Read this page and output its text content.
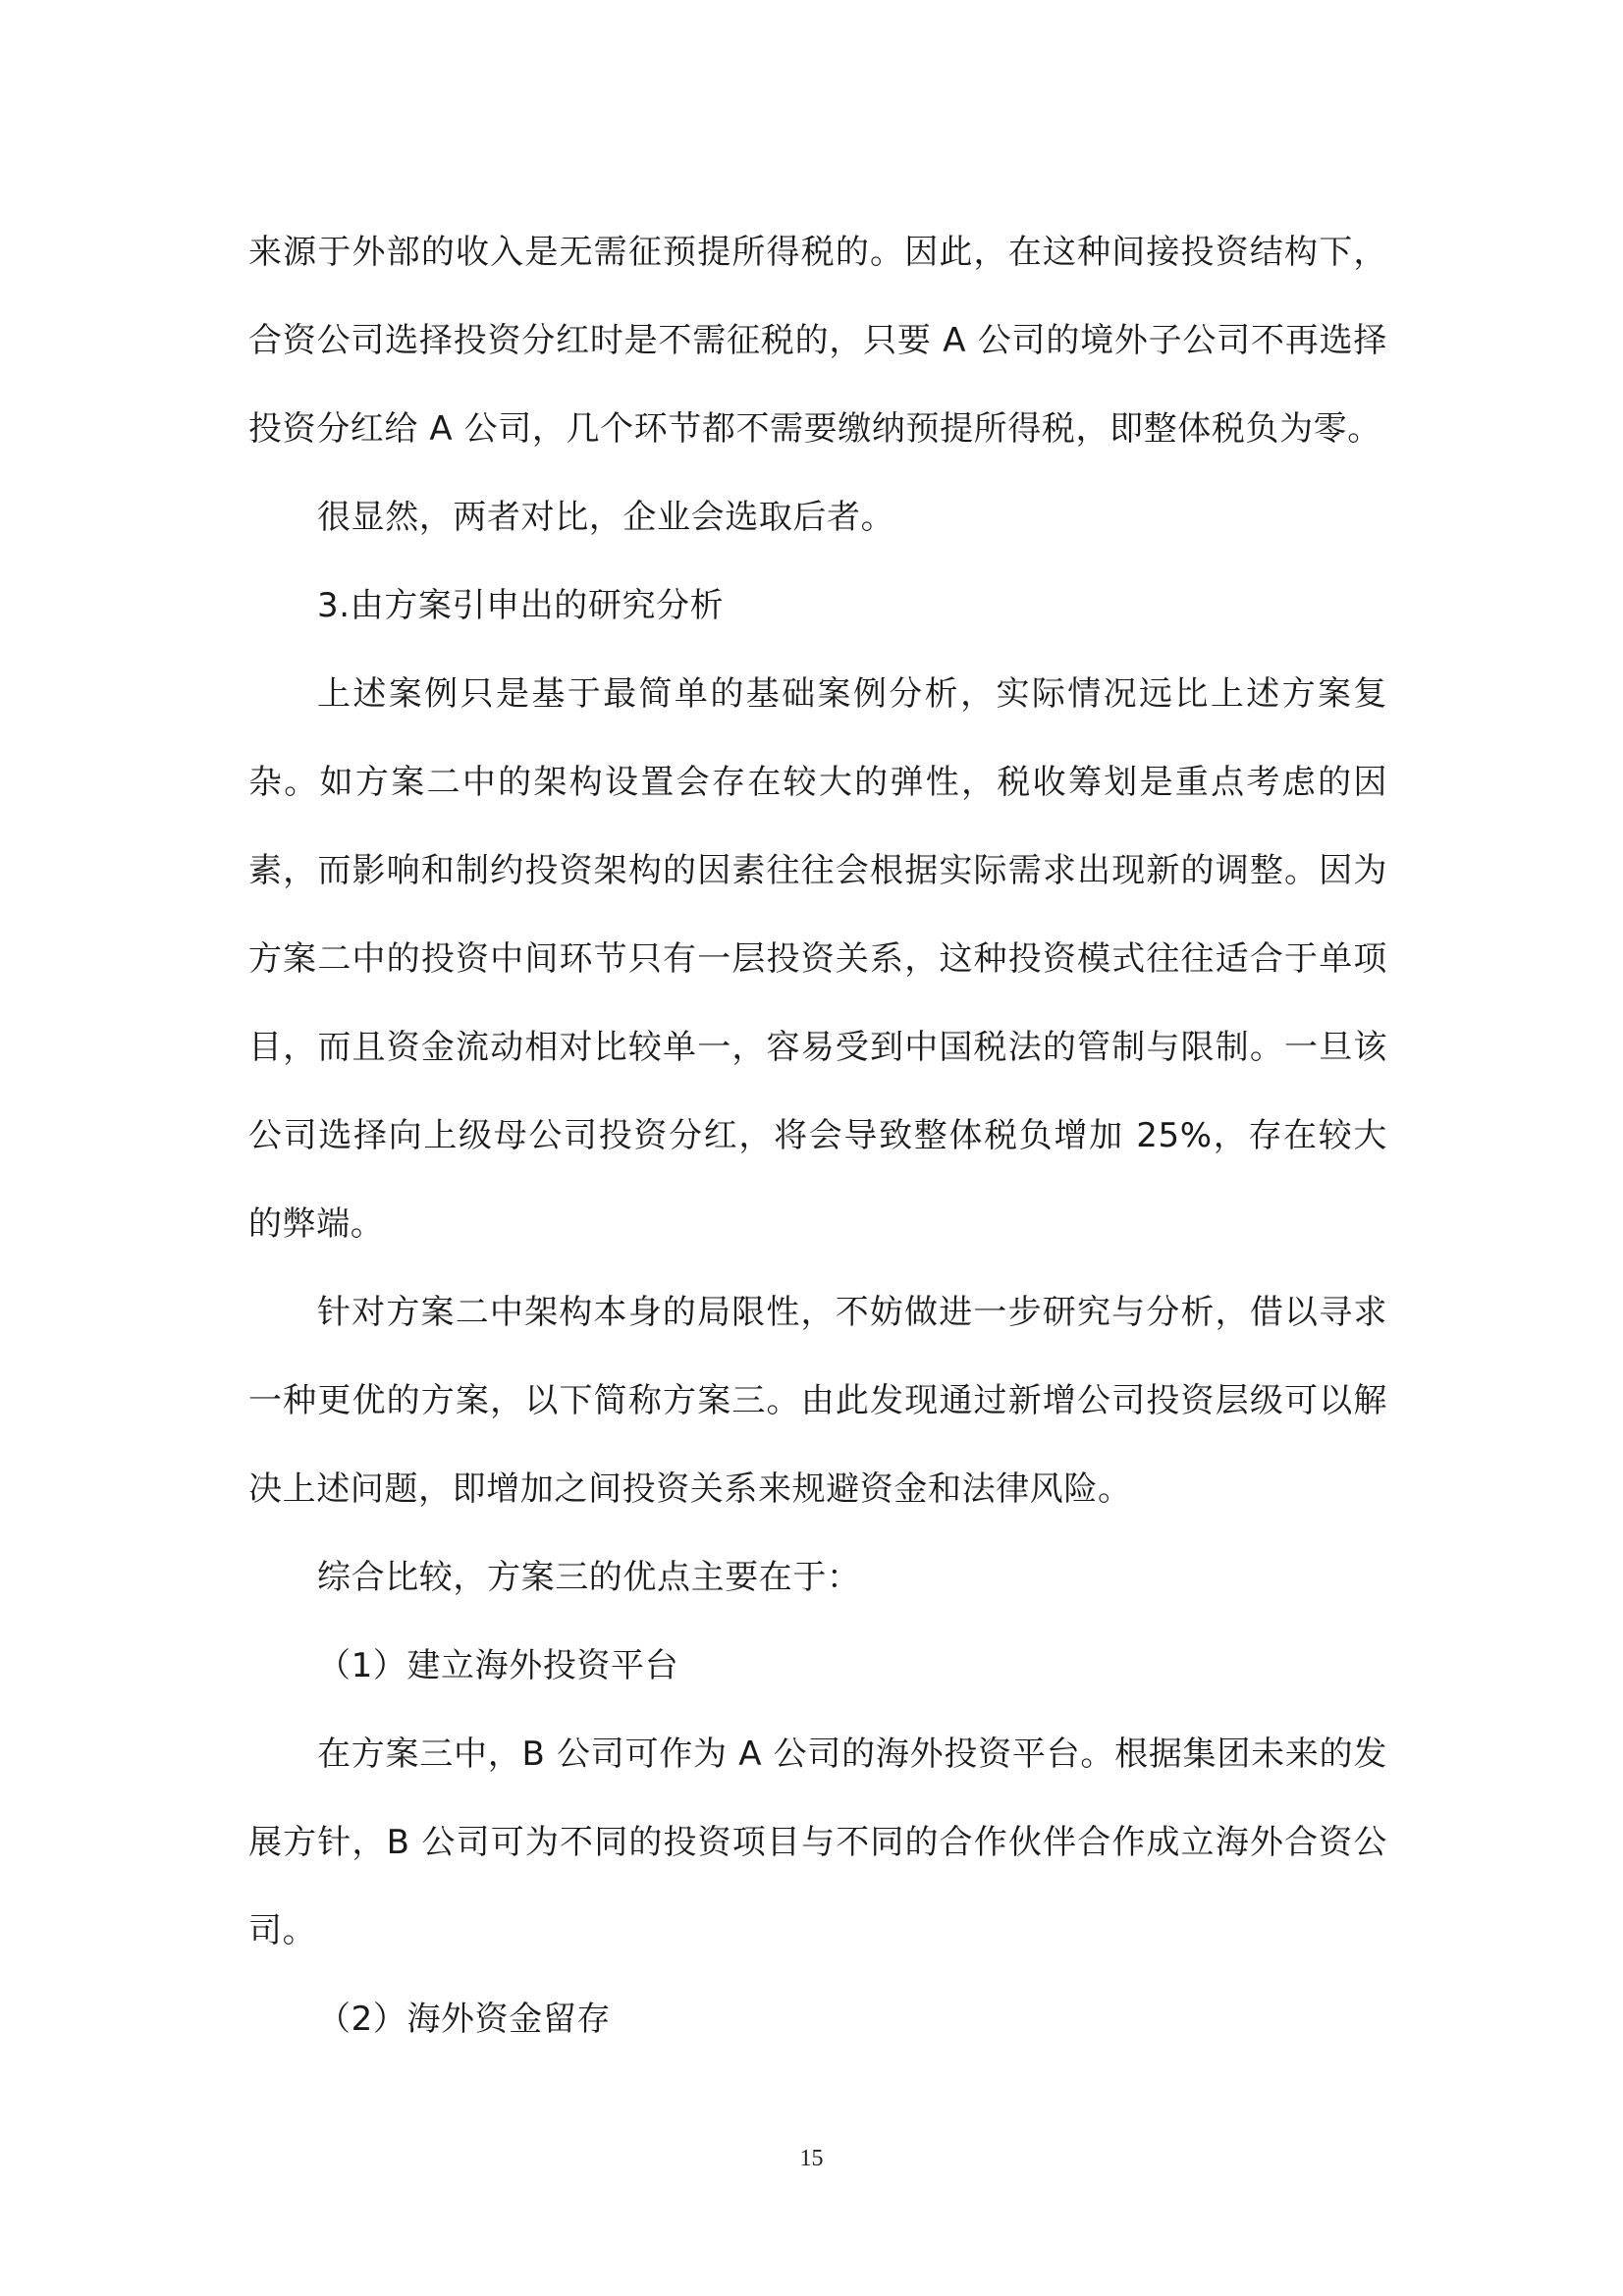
来源于外部的收入是无需征预提所得税的。因此，在这种间接投资结构下，合资公司选择投资分红时是不需征税的，只要 A 公司的境外子公司不再选择投资分红给 A 公司，几个环节都不需要缴纳预提所得税，即整体税负为零。

很显然，两者对比，企业会选取后者。

3.由方案引申出的研究分析

上述案例只是基于最简单的基础案例分析，实际情况远比上述方案复杂。如方案二中的架构设置会存在较大的弹性，税收筹划是重点考虑的因素，而影响和制约投资架构的因素往往会根据实际需求出现新的调整。因为方案二中的投资中间环节只有一层投资关系，这种投资模式往往适合于单项目，而且资金流动相对比较单一，容易受到中国税法的管制与限制。一旦该公司选择向上级母公司投资分红，将会导致整体税负增加 25%，存在较大的弊端。

针对方案二中架构本身的局限性，不妨做进一步研究与分析，借以寻求一种更优的方案，以下简称方案三。由此发现通过新增公司投资层级可以解决上述问题，即增加之间投资关系来规避资金和法律风险。

综合比较，方案三的优点主要在于：

（1）建立海外投资平台

在方案三中，B 公司可作为 A 公司的海外投资平台。根据集团未来的发展方针，B 公司可为不同的投资项目与不同的合作伙伴合作成立海外合资公司。

（2）海外资金留存

15
